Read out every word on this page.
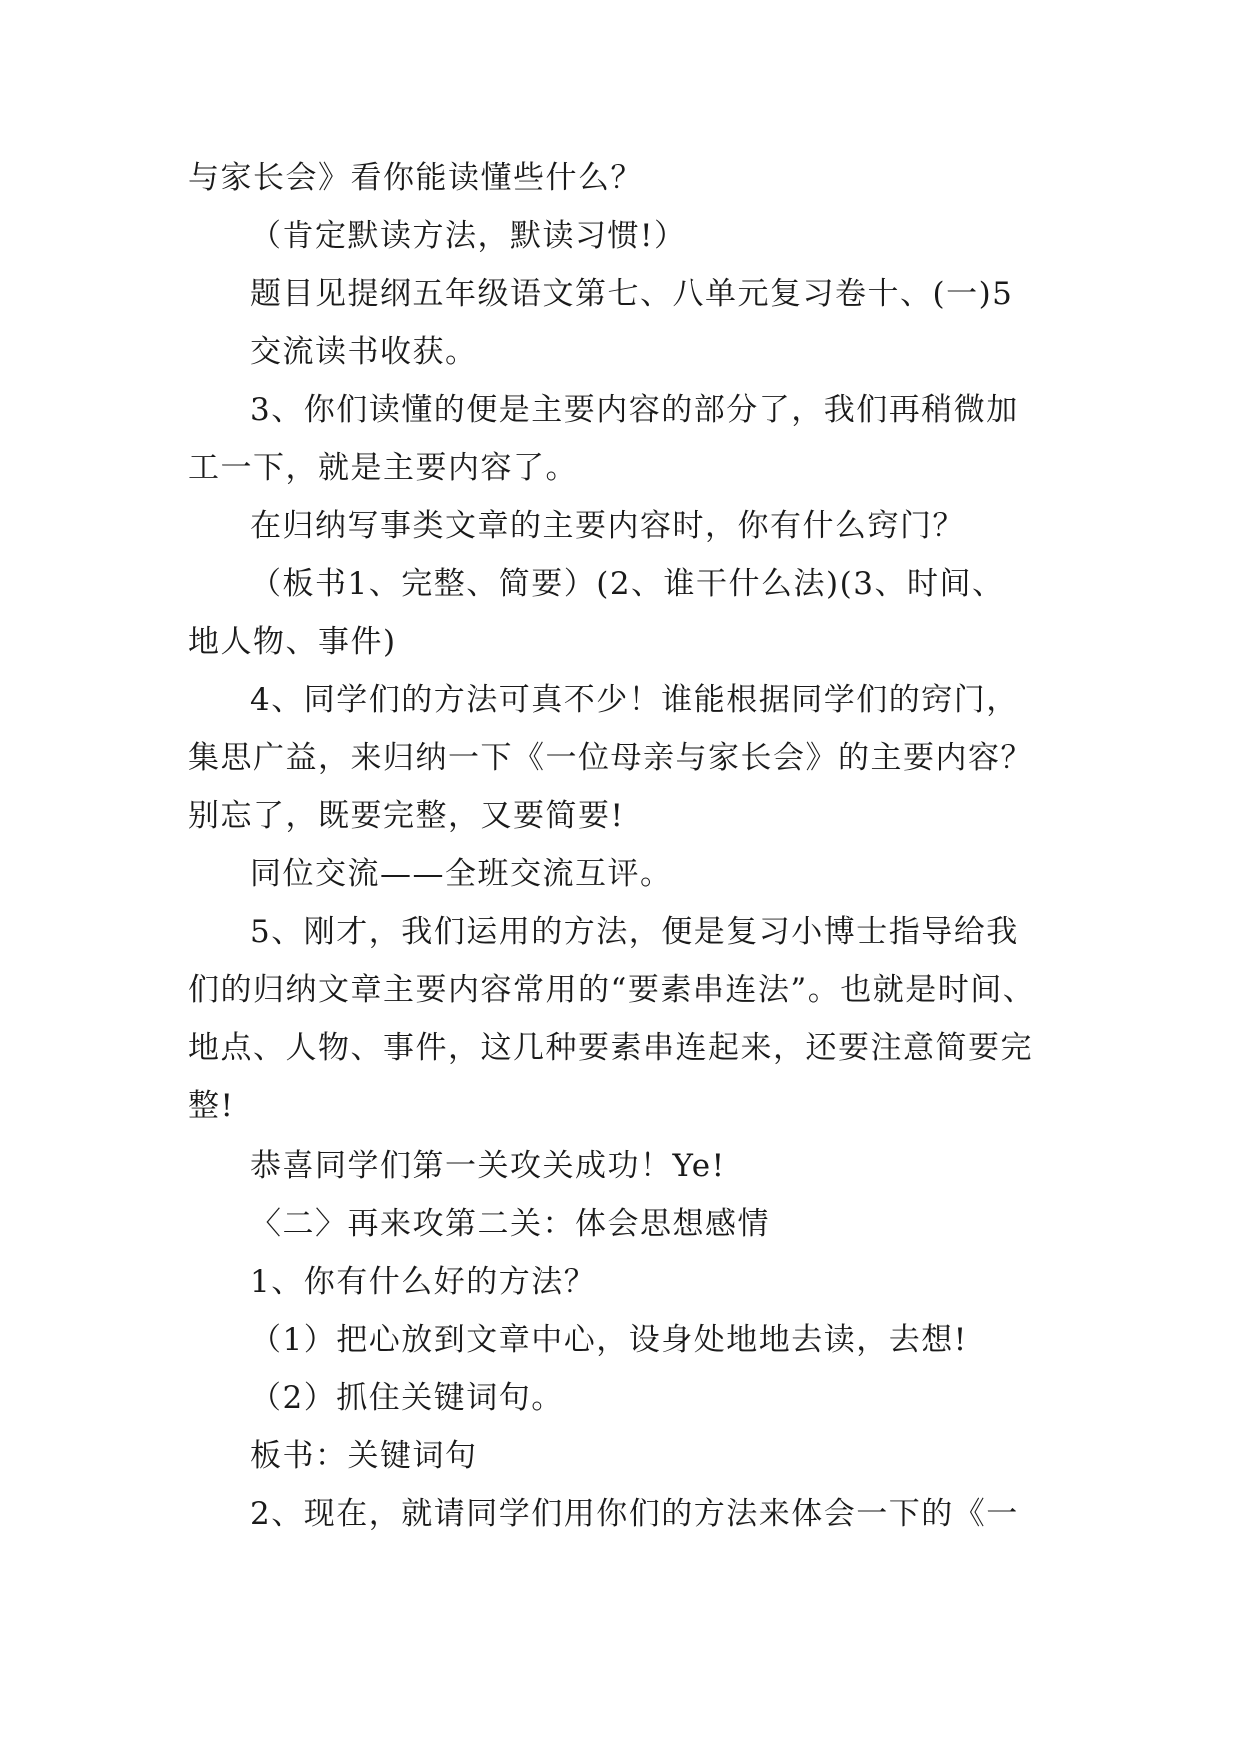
与家长会》看你能读懂些什么？
（肯定默读方法，默读习惯!）
题目见提纲五年级语文第七、八单元复习卷十、(一)5
交流读书收获。
3、你们读懂的便是主要内容的部分了，我们再稍微加
工一下，就是主要内容了。
在归纳写事类文章的主要内容时，你有什么窍门？
（板书1、完整、简要）(2、谁干什么法)(3、时间、
地人物、事件)
4、同学们的方法可真不少！谁能根据同学们的窍门，
集思广益，来归纳一下《一位母亲与家长会》的主要内容？
别忘了，既要完整，又要简要!
同位交流——全班交流互评。
5、刚才，我们运用的方法，便是复习小博士指导给我
们的归纳文章主要内容常用的“要素串连法”。也就是时间、
地点、人物、事件，这几种要素串连起来，还要注意简要完
整!
恭喜同学们第一关攻关成功！Ye!
〈二〉再来攻第二关：体会思想感情
1、你有什么好的方法？
（1）把心放到文章中心，设身处地地去读，去想!
（2）抓住关键词句。
板书：关键词句
2、现在，就请同学们用你们的方法来体会一下的《一
